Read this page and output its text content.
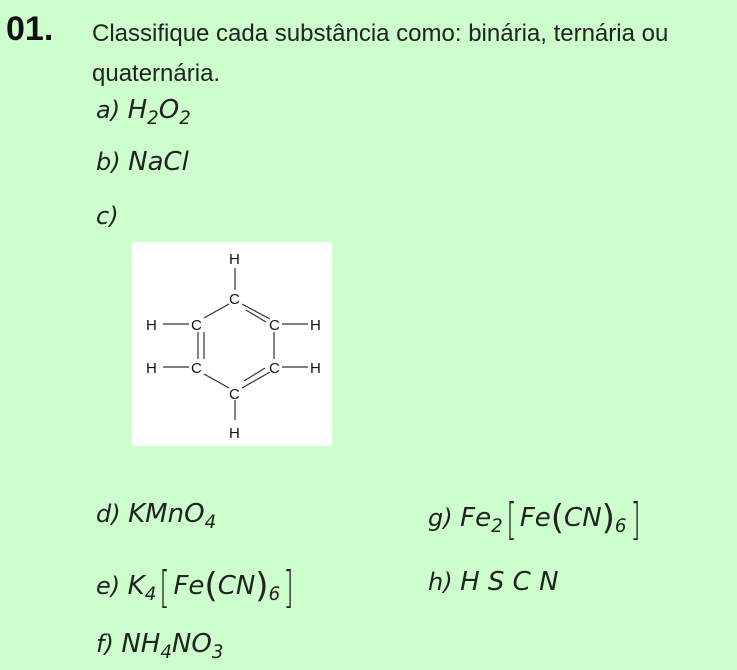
01. Classifique cada substância como: binária, ternária ou quaternária.
a) $H_2O_2$
b) NaCl
c)
H
C
H C	C H
H C	C H
C
H
d) KMnO$_4$
e) $K_4$[ $Fe(CN)_6$]
f) $NH_4NO_3$
g) $Fe_2$[ $Fe(CN)_6$]
h) H S C N
